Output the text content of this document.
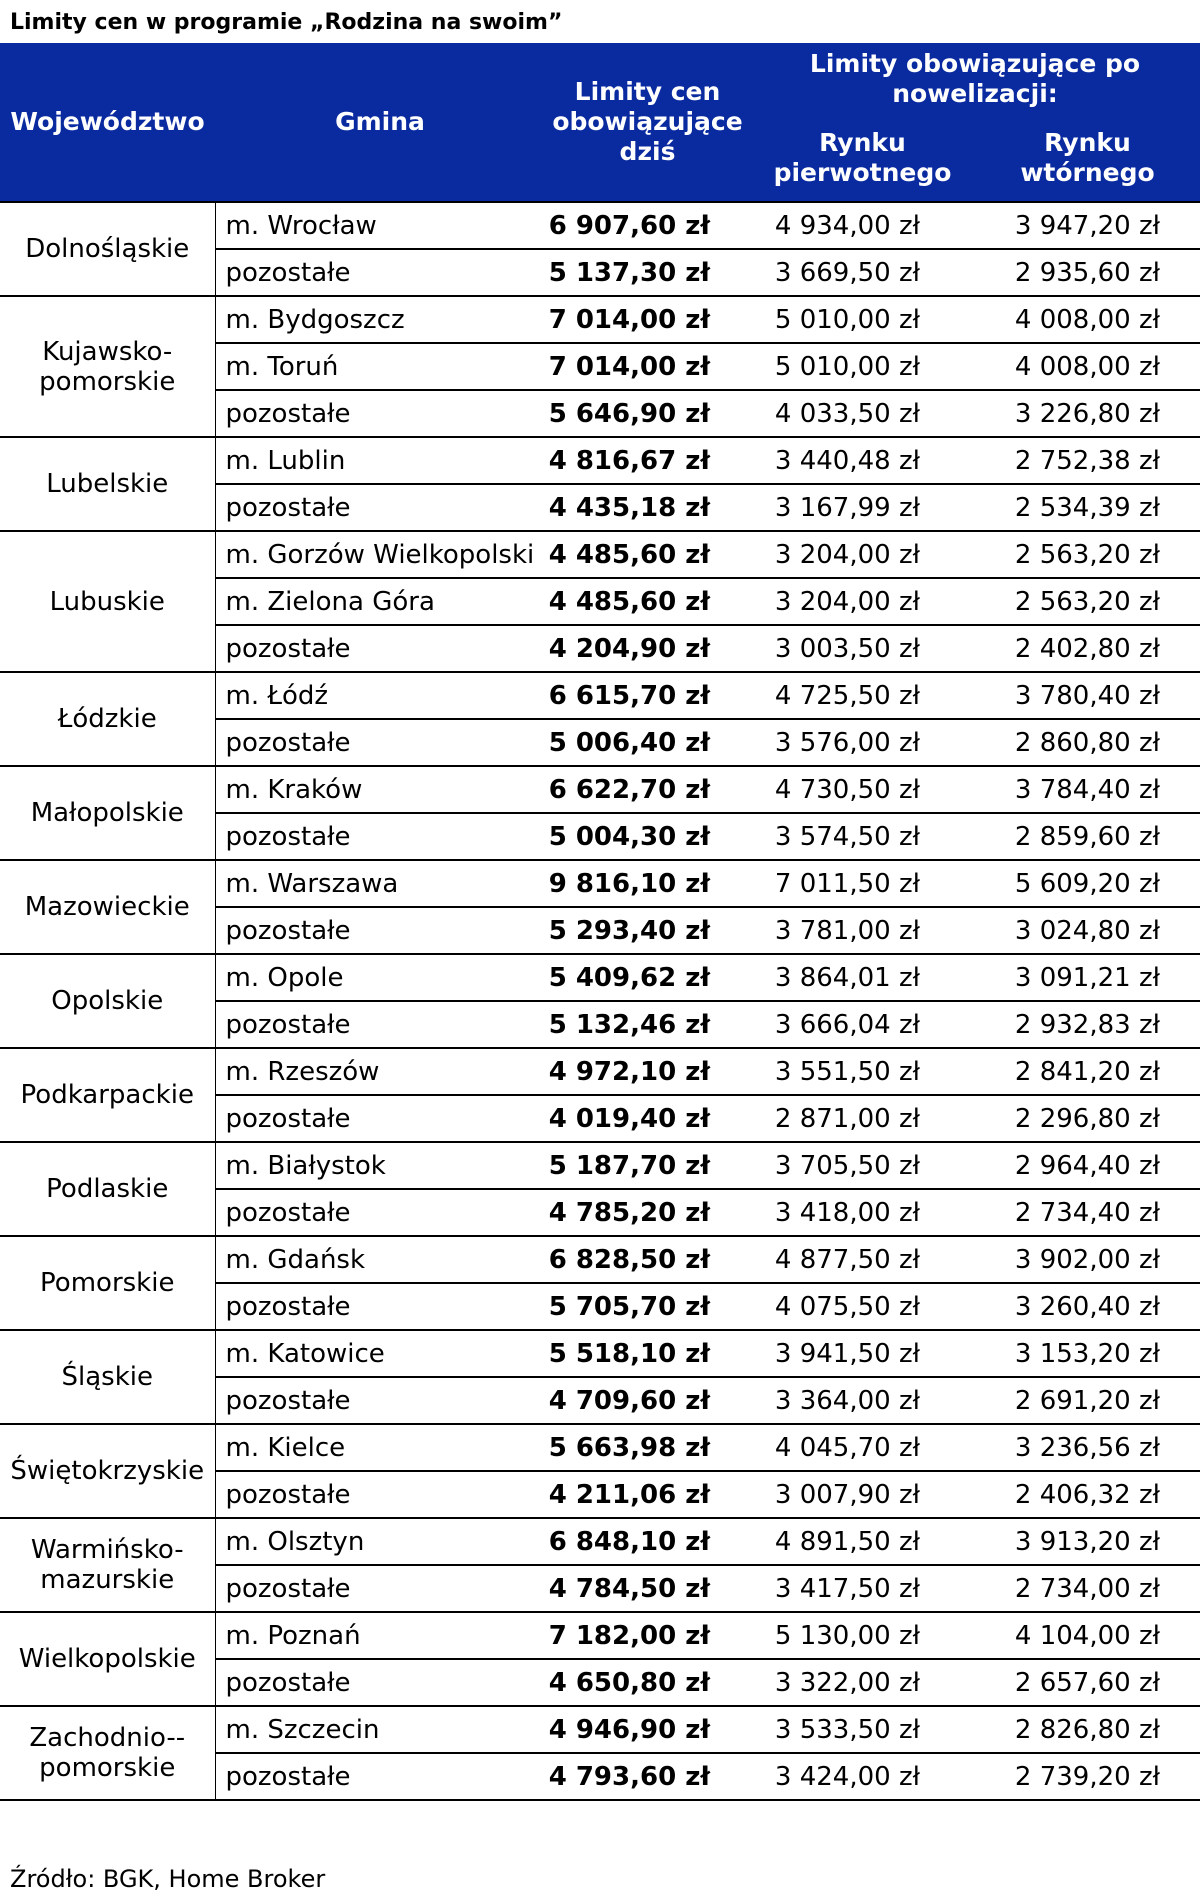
Limity cen w programie „Rodzina na swoim”
Województwo	Gmina	Limity cen obowiązujące dziś	Limity obowiązujące po nowelizacji:	
			Rynku pierwotnego	Rynku wtórnego
Dolnośląskie	m. Wrocław	6 907,60 zł	4 934,00 zł	3 947,20 zł
	pozostałe	5 137,30 zł	3 669,50 zł	2 935,60 zł
Kujawsko-pomorskie	m. Bydgoszcz	7 014,00 zł	5 010,00 zł	4 008,00 zł
	m. Toruń	7 014,00 zł	5 010,00 zł	4 008,00 zł
	pozostałe	5 646,90 zł	4 033,50 zł	3 226,80 zł
Lubelskie	m. Lublin	4 816,67 zł	3 440,48 zł	2 752,38 zł
	pozostałe	4 435,18 zł	3 167,99 zł	2 534,39 zł
Lubuskie	m. Gorzów Wielkopolski	4 485,60 zł	3 204,00 zł	2 563,20 zł
	m. Zielona Góra	4 485,60 zł	3 204,00 zł	2 563,20 zł
	pozostałe	4 204,90 zł	3 003,50 zł	2 402,80 zł
Łódzkie	m. Łódź	6 615,70 zł	4 725,50 zł	3 780,40 zł
	pozostałe	5 006,40 zł	3 576,00 zł	2 860,80 zł
Małopolskie	m. Kraków	6 622,70 zł	4 730,50 zł	3 784,40 zł
	pozostałe	5 004,30 zł	3 574,50 zł	2 859,60 zł
Mazowieckie	m. Warszawa	9 816,10 zł	7 011,50 zł	5 609,20 zł
	pozostałe	5 293,40 zł	3 781,00 zł	3 024,80 zł
Opolskie	m. Opole	5 409,62 zł	3 864,01 zł	3 091,21 zł
	pozostałe	5 132,46 zł	3 666,04 zł	2 932,83 zł
Podkarpackie	m. Rzeszów	4 972,10 zł	3 551,50 zł	2 841,20 zł
	pozostałe	4 019,40 zł	2 871,00 zł	2 296,80 zł
Podlaskie	m. Białystok	5 187,70 zł	3 705,50 zł	2 964,40 zł
	pozostałe	4 785,20 zł	3 418,00 zł	2 734,40 zł
Pomorskie	m. Gdańsk	6 828,50 zł	4 877,50 zł	3 902,00 zł
	pozostałe	5 705,70 zł	4 075,50 zł	3 260,40 zł
Śląskie	m. Katowice	5 518,10 zł	3 941,50 zł	3 153,20 zł
	pozostałe	4 709,60 zł	3 364,00 zł	2 691,20 zł
Świętokrzyskie	m. Kielce	5 663,98 zł	4 045,70 zł	3 236,56 zł
	pozostałe	4 211,06 zł	3 007,90 zł	2 406,32 zł
Warmińsko-mazurskie	m. Olsztyn	6 848,10 zł	4 891,50 zł	3 913,20 zł
	pozostałe	4 784,50 zł	3 417,50 zł	2 734,00 zł
Wielkopolskie	m. Poznań	7 182,00 zł	5 130,00 zł	4 104,00 zł
	pozostałe	4 650,80 zł	3 322,00 zł	2 657,60 zł
Zachodnio--pomorskie	m. Szczecin	4 946,90 zł	3 533,50 zł	2 826,80 zł
	pozostałe	4 793,60 zł	3 424,00 zł	2 739,20 zł
Źródło: BGK, Home Broker
